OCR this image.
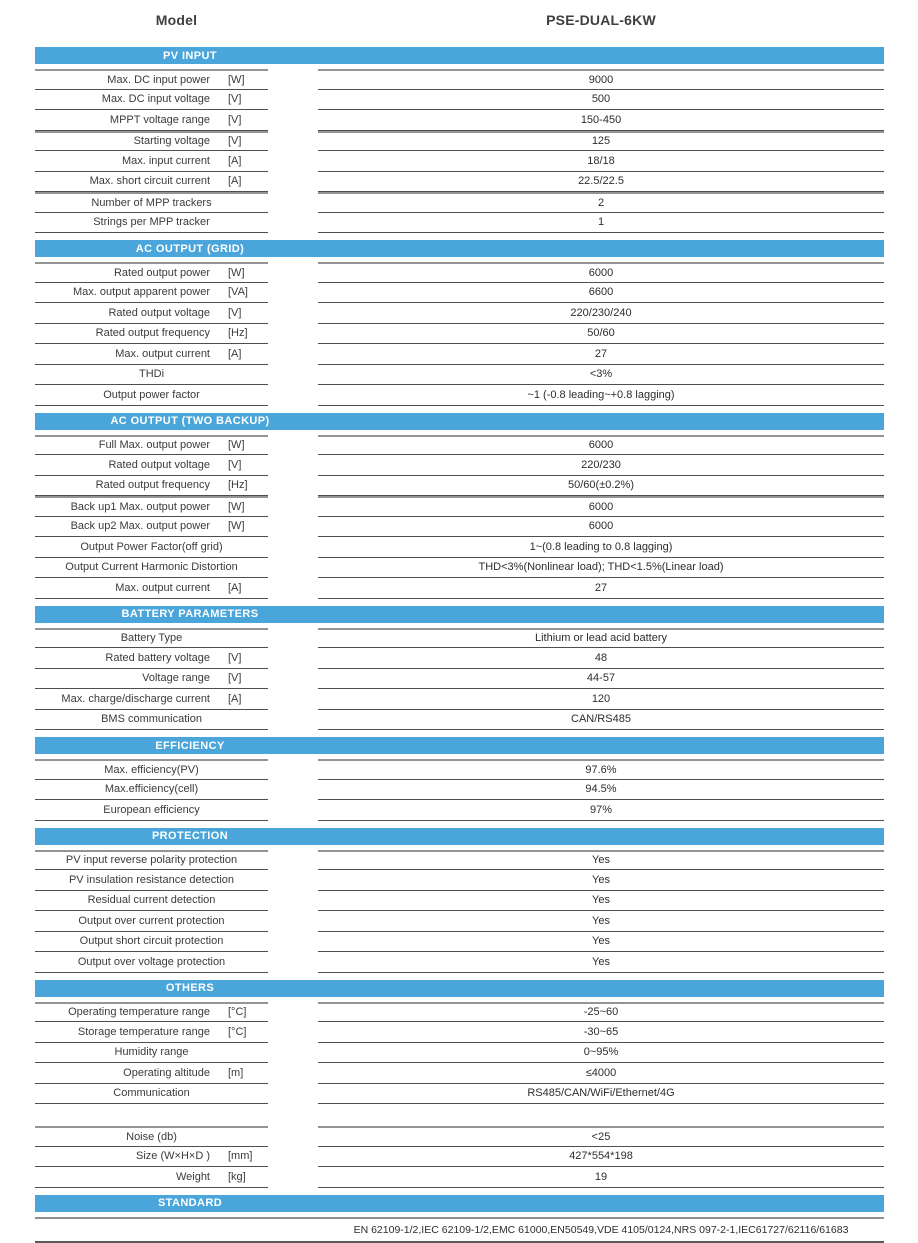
Model	PSE-DUAL-6KW
PV INPUT
Max. DC input power	[W]	9000
Max. DC input voltage	[V]	500
MPPT voltage range	[V]	150-450
Starting voltage	[V]	125
Max. input current	[A]	18/18
Max. short circuit current	[A]	22.5/22.5
Number of MPP trackers	2
Strings per MPP tracker	1
AC OUTPUT (GRID)
Rated output power	[W]	6000
Max. output apparent power	[VA]	6600
Rated output voltage	[V]	220/230/240
Rated output frequency	[Hz]	50/60
Max. output current	[A]	27
THDi	<3%
Output power factor	~1 (-0.8 leading~+0.8 lagging)
AC OUTPUT (TWO BACKUP)
Full Max. output power	[W]	6000
Rated output voltage	[V]	220/230
Rated output frequency	[Hz]	50/60(±0.2%)
Back up1 Max. output power	[W]	6000
Back up2 Max. output power	[W]	6000
Output Power Factor(off grid)	1~(0.8 leading to 0.8 lagging)
Output Current Harmonic Distortion	THD<3%(Nonlinear load); THD<1.5%(Linear load)
Max. output current	[A]	27
BATTERY PARAMETERS
Battery Type	Lithium or lead acid battery
Rated battery voltage	[V]	48
Voltage range	[V]	44-57
Max. charge/discharge current	[A]	120
BMS communication	CAN/RS485
EFFICIENCY
Max. efficiency(PV)	97.6%
Max.efficiency(cell)	94.5%
European efficiency	97%
PROTECTION
PV input reverse polarity protection	Yes
PV insulation resistance detection	Yes
Residual current detection	Yes
Output over current protection	Yes
Output short circuit protection	Yes
Output over voltage protection	Yes
OTHERS
Operating temperature range	[°C]	-25~60
Storage temperature range	[°C]	-30~65
Humidity range	0~95%
Operating altitude	[m]	≤4000
Communication	RS485/CAN/WiFi/Ethernet/4G
Noise (db)	<25
Size (W×H×D )	[mm]	427*554*198
Weight	[kg]	19
STANDARD
EN 62109-1/2,IEC 62109-1/2,EMC 61000,EN50549,VDE 4105/0124,NRS 097-2-1,IEC61727/62116/61683
